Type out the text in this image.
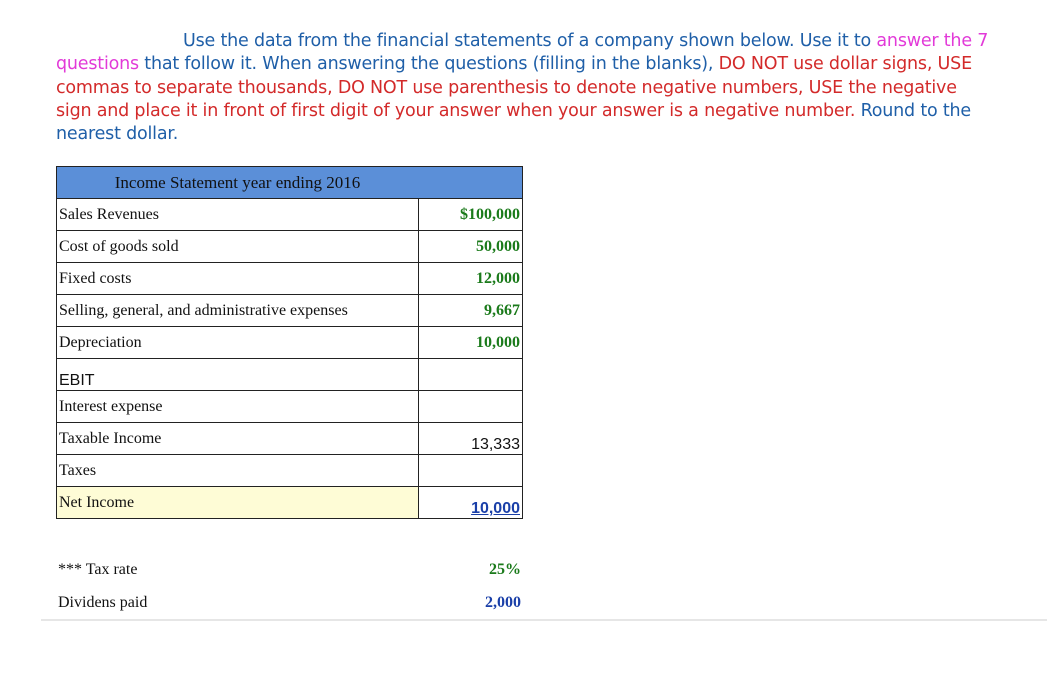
Use the data from the financial statements of a company shown below. Use it to answer the 7 questions that follow it. When answering the questions (filling in the blanks), DO NOT use dollar signs, USE commas to separate thousands, DO NOT use parenthesis to denote negative numbers, USE the negative sign and place it in front of first digit of your answer when your answer is a negative number. Round to the nearest dollar.
Income Statement year ending 2016	
Sales Revenues	$100,000
Cost of goods sold	50,000
Fixed costs	12,000
Selling, general, and administrative expenses	9,667
Depreciation	10,000
EBIT	
Interest expense	
Taxable Income	13,333
Taxes	
Net Income	10,000
*** Tax rate	25%
Dividens paid	2,000
